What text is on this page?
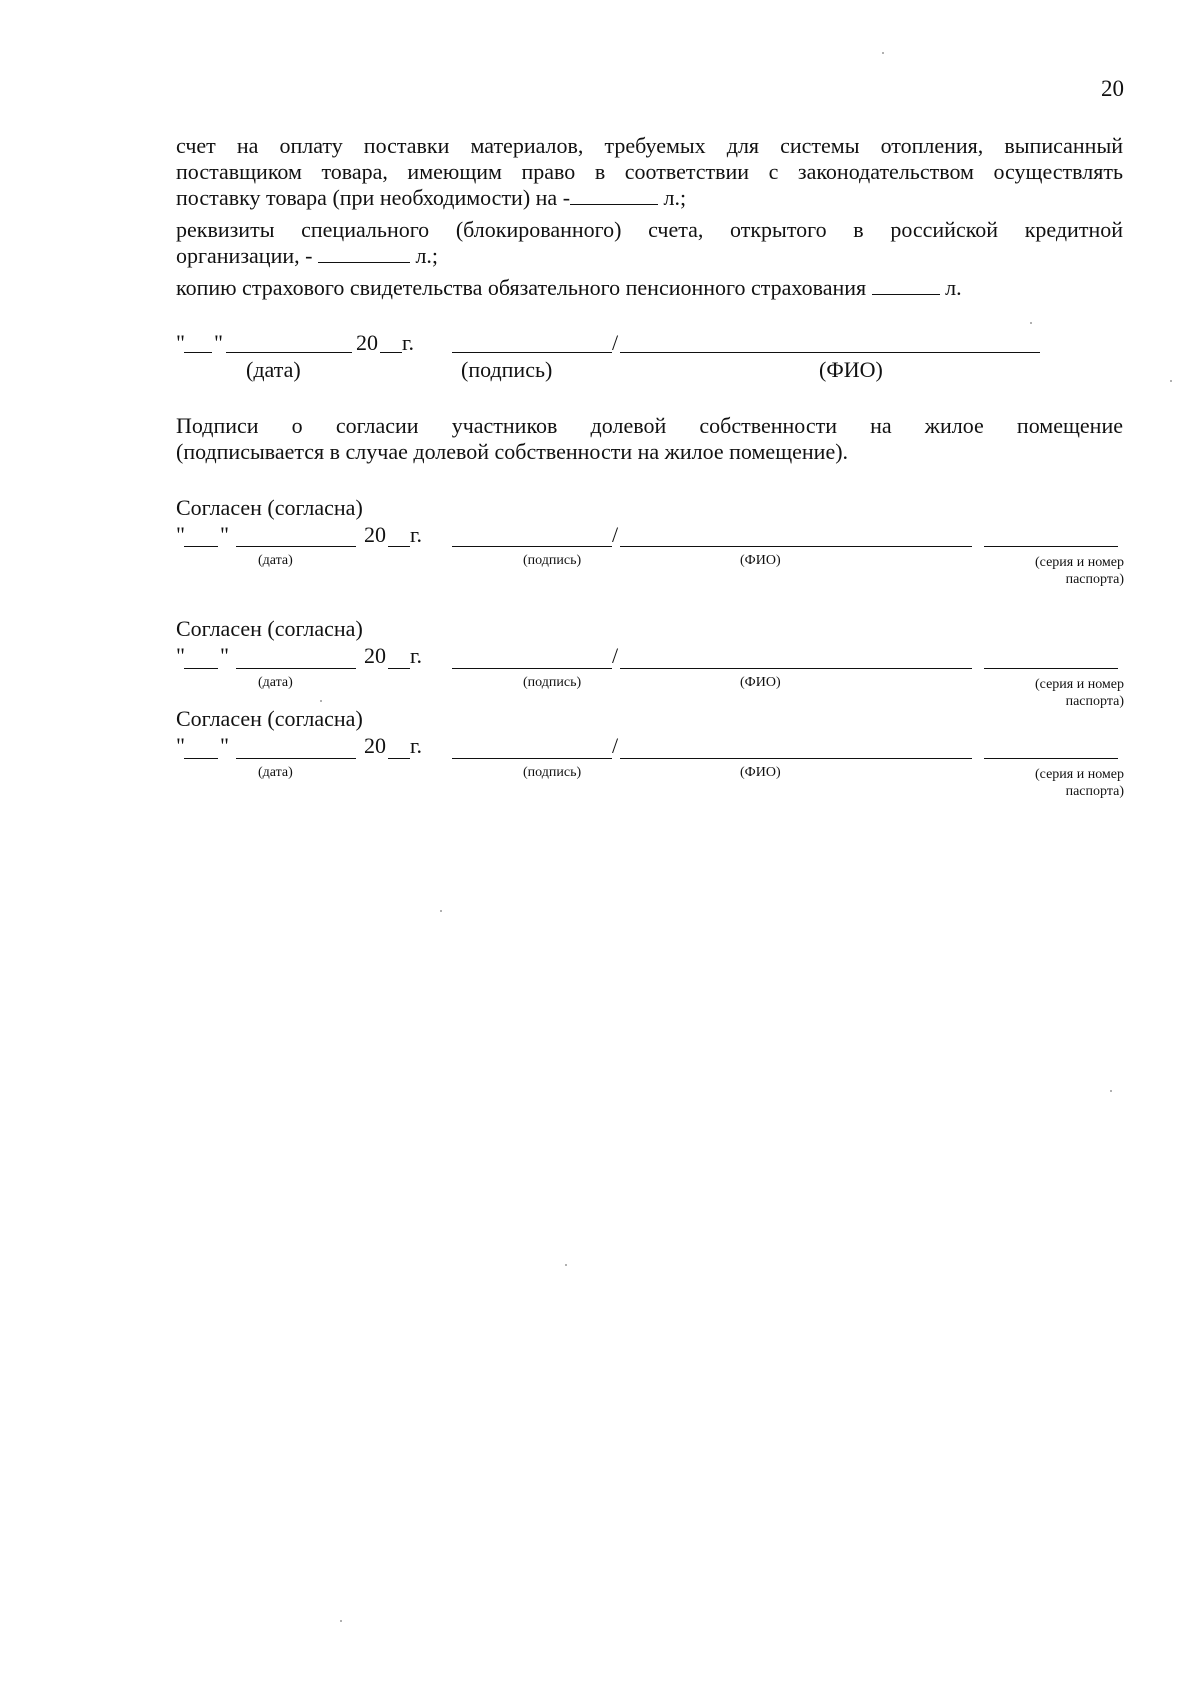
20
счет на оплату поставки материалов, требуемых для системы отопления, выписанный
поставщиком товара, имеющим право в соответствии с законодательством осуществлять
поставку товара (при необходимости) на -	л.;
реквизиты специального (блокированного) счета, открытого в российской кредитной
организации, -	л.;
копию страхового свидетельства обязательного пенсионного страхования	л.
" "	20 г.	/
(дата)	(подпись)	(ФИО)
Подписи о согласии участников долевой собственности на жилое помещение
(подписывается в случае долевой собственности на жилое помещение).
Согласен (согласна)
" "	20 г.	/
(дата)	(подпись)	(ФИО)	(серия и номер
паспорта)
Согласен (согласна)
" "	20 г.	/
(дата)	(подпись)	(ФИО)	(серия и номер
паспорта)
Согласен (согласна)
" "	20 г.	/
(дата)	(подпись)	(ФИО)	(серия и номер
паспорта)
